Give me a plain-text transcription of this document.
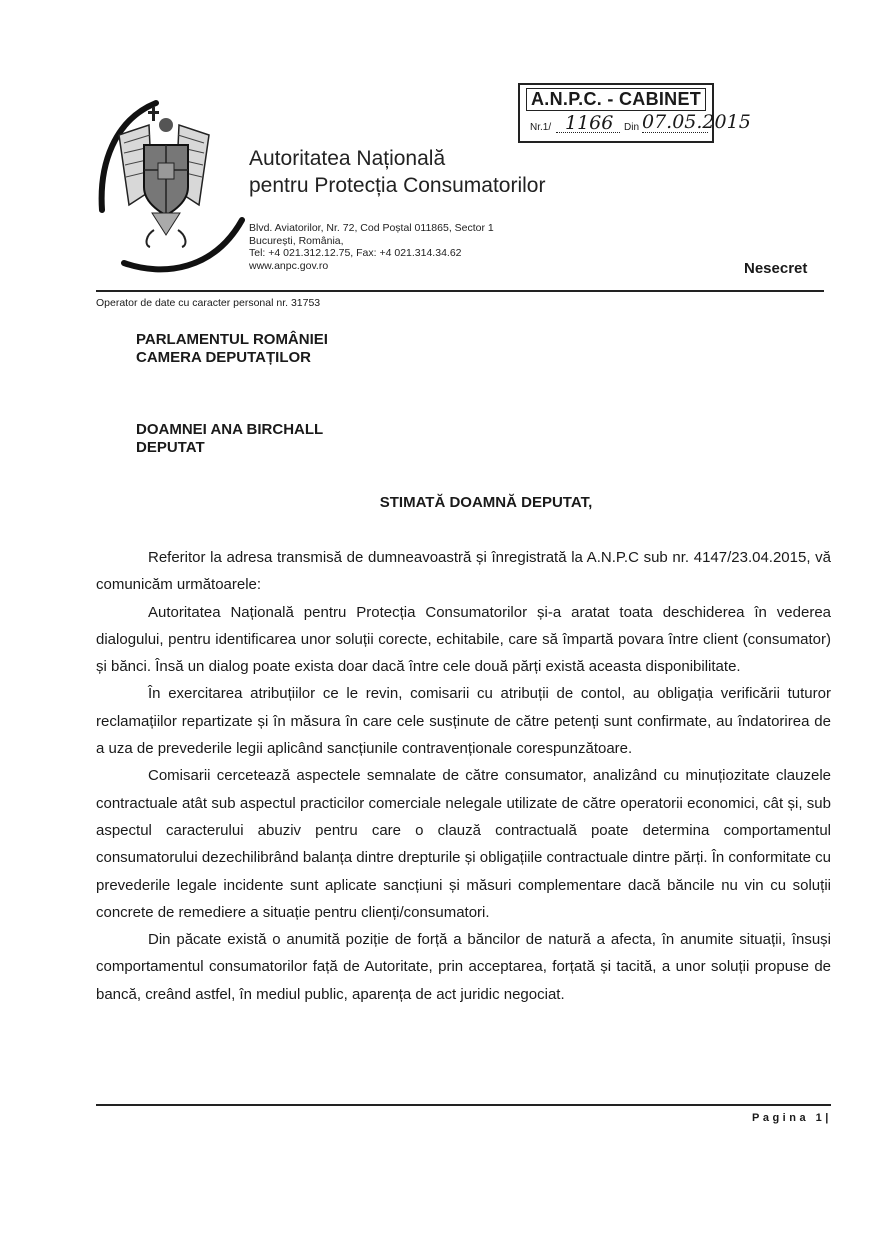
Autoritatea Națională
pentru Protecția Consumatorilor
Blvd. Aviatorilor, Nr. 72, Cod Poștal 011865, Sector 1
București, România,
Tel: +4 021.312.12.75, Fax: +4 021.314.34.62
www.anpc.gov.ro
A.N.P.C. - CABINET
Nr.1/ 1166 Din 07.05.2015
Nesecret
Operator de date cu caracter personal nr. 31753
PARLAMENTUL ROMÂNIEI
CAMERA DEPUTAȚILOR
DOAMNEI ANA BIRCHALL
DEPUTAT
STIMATĂ DOAMNĂ DEPUTAT,

Referitor la adresa transmisă de dumneavoastră și înregistrată la A.N.P.C sub nr. 4147/23.04.2015, vă comunicăm următoarele:

Autoritatea Națională pentru Protecția Consumatorilor și-a aratat toata deschiderea în vederea dialogului, pentru identificarea unor soluții corecte, echitabile, care să împartă povara între client (consumator) și bănci. Însă un dialog poate exista doar dacă între cele două părți există aceasta disponibilitate.

În exercitarea atribuțiilor ce le revin, comisarii cu atribuții de contol, au obligația verificării tuturor reclamațiilor repartizate și în măsura în care cele susținute de către petenți sunt confirmate, au îndatorirea de a uza de prevederile legii aplicând sancțiunile contravenționale corespunzătoare.

Comisarii cercetează aspectele semnalate de către consumator, analizând cu minuțiozitate clauzele contractuale atât sub aspectul practicilor comerciale nelegale utilizate de către operatorii economici, cât și, sub aspectul caracterului abuziv pentru care o clauză contractuală poate determina comportamentul consumatorului dezechilibrând balanța dintre drepturile și obligațiile contractuale dintre părți. În conformitate cu prevederile legale incidente sunt aplicate sancțiuni și măsuri complementare dacă băncile nu vin cu soluții concrete de remediere a situație pentru clienți/consumatori.

Din păcate există o anumită poziție de forță a băncilor de natură a afecta, în anumite situații, însuși comportamentul consumatorilor față de Autoritate, prin acceptarea, forțată și tacită, a unor soluții propuse de bancă, creând astfel, în mediul public, aparența de act juridic negociat.

Pagina 1|
